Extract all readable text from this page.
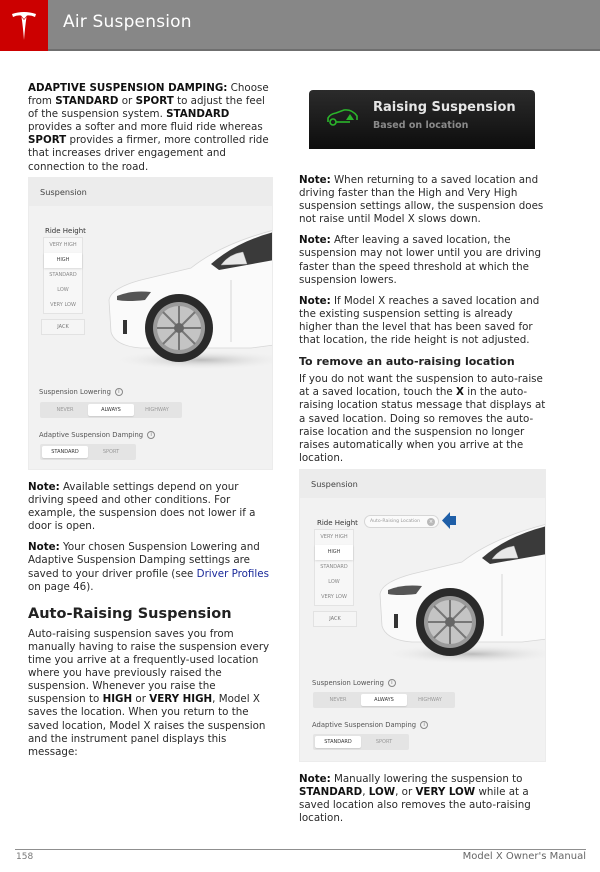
Air Suspension

ADAPTIVE SUSPENSION DAMPING: Choose from STANDARD or SPORT to adjust the feel of the suspension system. STANDARD provides a softer and more fluid ride whereas SPORT provides a firmer, more controlled ride that increases driver engagement and connection to the road.

Suspension
Ride Height
VERY HIGH
HIGH
STANDARD
LOW
VERY LOW
JACK
Suspension Lowering i
NEVER	ALWAYS	HIGHWAY
Adaptive Suspension Damping i
STANDARD	SPORT

Note: Available settings depend on your driving speed and other conditions. For example, the suspension does not lower if a door is open.

Note: Your chosen Suspension Lowering and Adaptive Suspension Damping settings are saved to your driver profile (see Driver Profiles on page 46).

Auto-Raising Suspension

Auto-raising suspension saves you from manually having to raise the suspension every time you arrive at a frequently-used location where you have previously raised the suspension. Whenever you raise the suspension to HIGH or VERY HIGH, Model X saves the location. When you return to the saved location, Model X raises the suspension and the instrument panel displays this message:

Raising Suspension
Based on location

Note: When returning to a saved location and driving faster than the High and Very High suspension settings allow, the suspension does not raise until Model X slows down.

Note: After leaving a saved location, the suspension may not lower until you are driving faster than the speed threshold at which the suspension lowers.

Note: If Model X reaches a saved location and the existing suspension setting is already higher than the level that has been saved for that location, the ride height is not adjusted.

To remove an auto-raising location

If you do not want the suspension to auto-raise at a saved location, touch the X in the auto-raising location status message that displays at a saved location. Doing so removes the auto-raise location and the suspension no longer raises automatically when you arrive at the location.

Suspension
Ride Height	Auto-Raising Location	×
VERY HIGH
HIGH
STANDARD
LOW
VERY LOW
JACK
Suspension Lowering i
NEVER	ALWAYS	HIGHWAY
Adaptive Suspension Damping i
STANDARD	SPORT

Note: Manually lowering the suspension to STANDARD, LOW, or VERY LOW while at a saved location also removes the auto-raising location.

158	Model X Owner's Manual
